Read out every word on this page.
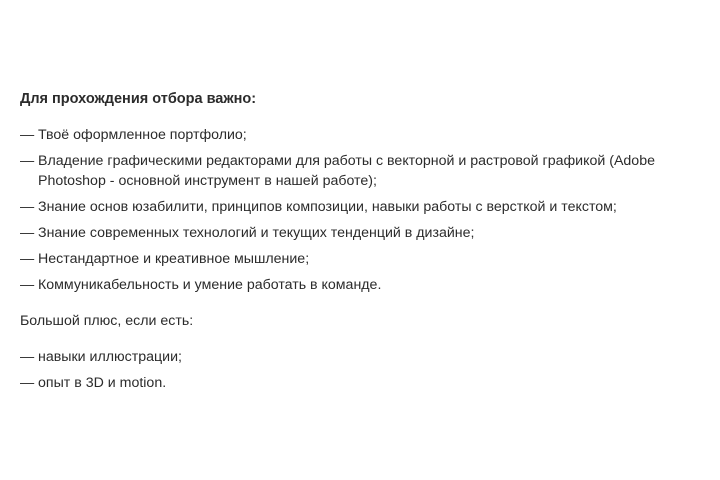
Для прохождения отбора важно:
— Твоё оформленное портфолио;
— Владение графическими редакторами для работы с векторной и растровой графикой (Adobe Photoshop - основной инструмент в нашей работе);
— Знание основ юзабилити, принципов композиции, навыки работы с версткой и текстом;
— Знание современных технологий и текущих тенденций в дизайне;
— Нестандартное и креативное мышление;
— Коммуникабельность и умение работать в команде.
Большой плюс, если есть:
— навыки иллюстрации;
— опыт в 3D и motion.
